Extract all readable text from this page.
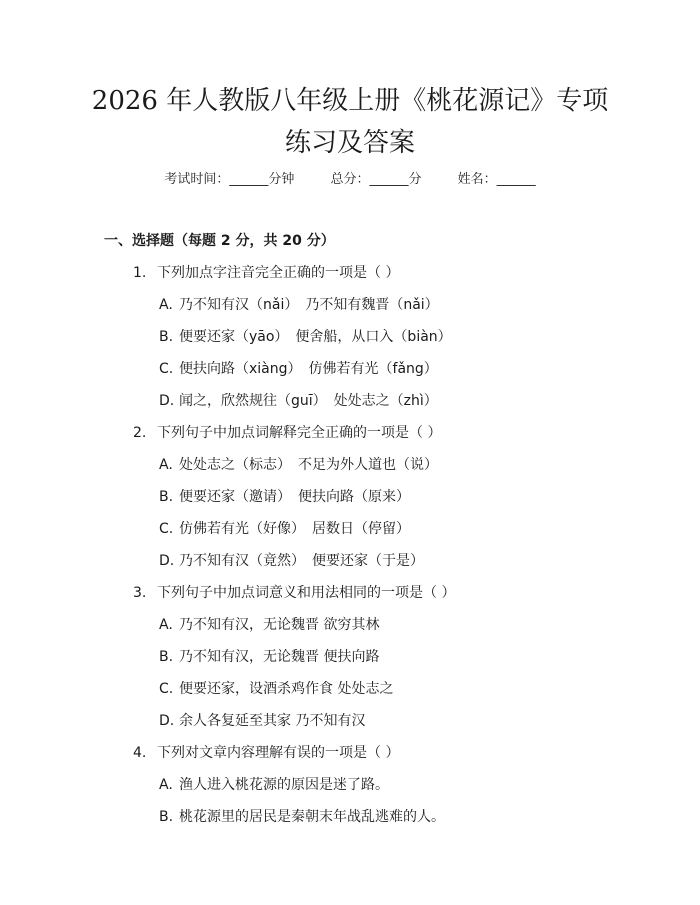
2026 年人教版八年级上册《桃花源记》专项
练习及答案
考试时间：______分钟	总分：______分	姓名：______
一、选择题（每题 2 分，共 20 分）
1. 下列加点字注音完全正确的一项是（ ）
A. 乃不知有汉（nǎi）　乃不知有魏晋（nǎi）
B. 便要还家（yāo）　便舍船，从口入（biàn）
C. 便扶向路（xiàng）　仿佛若有光（fǎng）
D. 闻之，欣然规往（guī）　处处志之（zhì）
2. 下列句子中加点词解释完全正确的一项是（ ）
A. 处处志之（标志）　不足为外人道也（说）
B. 便要还家（邀请）　便扶向路（原来）
C. 仿佛若有光（好像）　居数日（停留）
D. 乃不知有汉（竟然）　便要还家（于是）
3. 下列句子中加点词意义和用法相同的一项是（ ）
A. 乃不知有汉，无论魏晋 欲穷其林
B. 乃不知有汉，无论魏晋 便扶向路
C. 便要还家，设酒杀鸡作食 处处志之
D. 余人各复延至其家 乃不知有汉
4. 下列对文章内容理解有误的一项是（ ）
A. 渔人进入桃花源的原因是迷了路。
B. 桃花源里的居民是秦朝末年战乱逃难的人。
